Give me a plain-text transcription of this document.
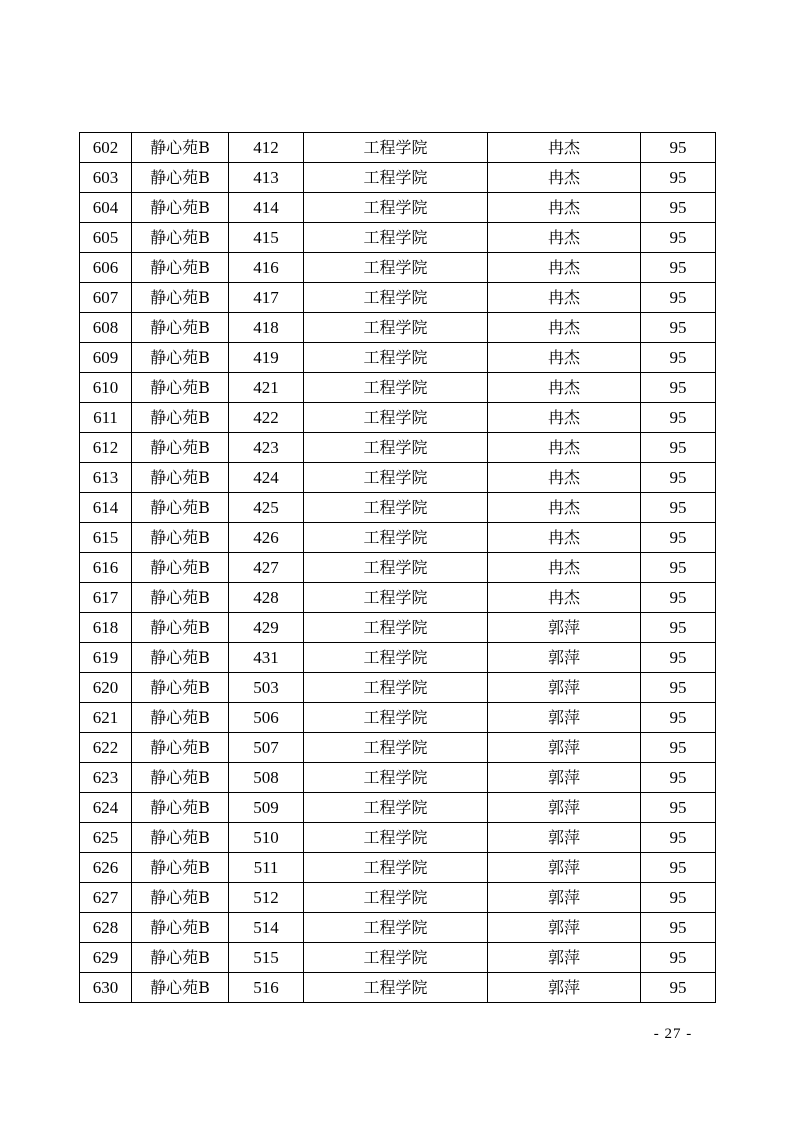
602	静心苑B	412	工程学院	冉杰	95
603	静心苑B	413	工程学院	冉杰	95
604	静心苑B	414	工程学院	冉杰	95
605	静心苑B	415	工程学院	冉杰	95
606	静心苑B	416	工程学院	冉杰	95
607	静心苑B	417	工程学院	冉杰	95
608	静心苑B	418	工程学院	冉杰	95
609	静心苑B	419	工程学院	冉杰	95
610	静心苑B	421	工程学院	冉杰	95
611	静心苑B	422	工程学院	冉杰	95
612	静心苑B	423	工程学院	冉杰	95
613	静心苑B	424	工程学院	冉杰	95
614	静心苑B	425	工程学院	冉杰	95
615	静心苑B	426	工程学院	冉杰	95
616	静心苑B	427	工程学院	冉杰	95
617	静心苑B	428	工程学院	冉杰	95
618	静心苑B	429	工程学院	郭萍	95
619	静心苑B	431	工程学院	郭萍	95
620	静心苑B	503	工程学院	郭萍	95
621	静心苑B	506	工程学院	郭萍	95
622	静心苑B	507	工程学院	郭萍	95
623	静心苑B	508	工程学院	郭萍	95
624	静心苑B	509	工程学院	郭萍	95
625	静心苑B	510	工程学院	郭萍	95
626	静心苑B	511	工程学院	郭萍	95
627	静心苑B	512	工程学院	郭萍	95
628	静心苑B	514	工程学院	郭萍	95
629	静心苑B	515	工程学院	郭萍	95
630	静心苑B	516	工程学院	郭萍	95
- 27 -
